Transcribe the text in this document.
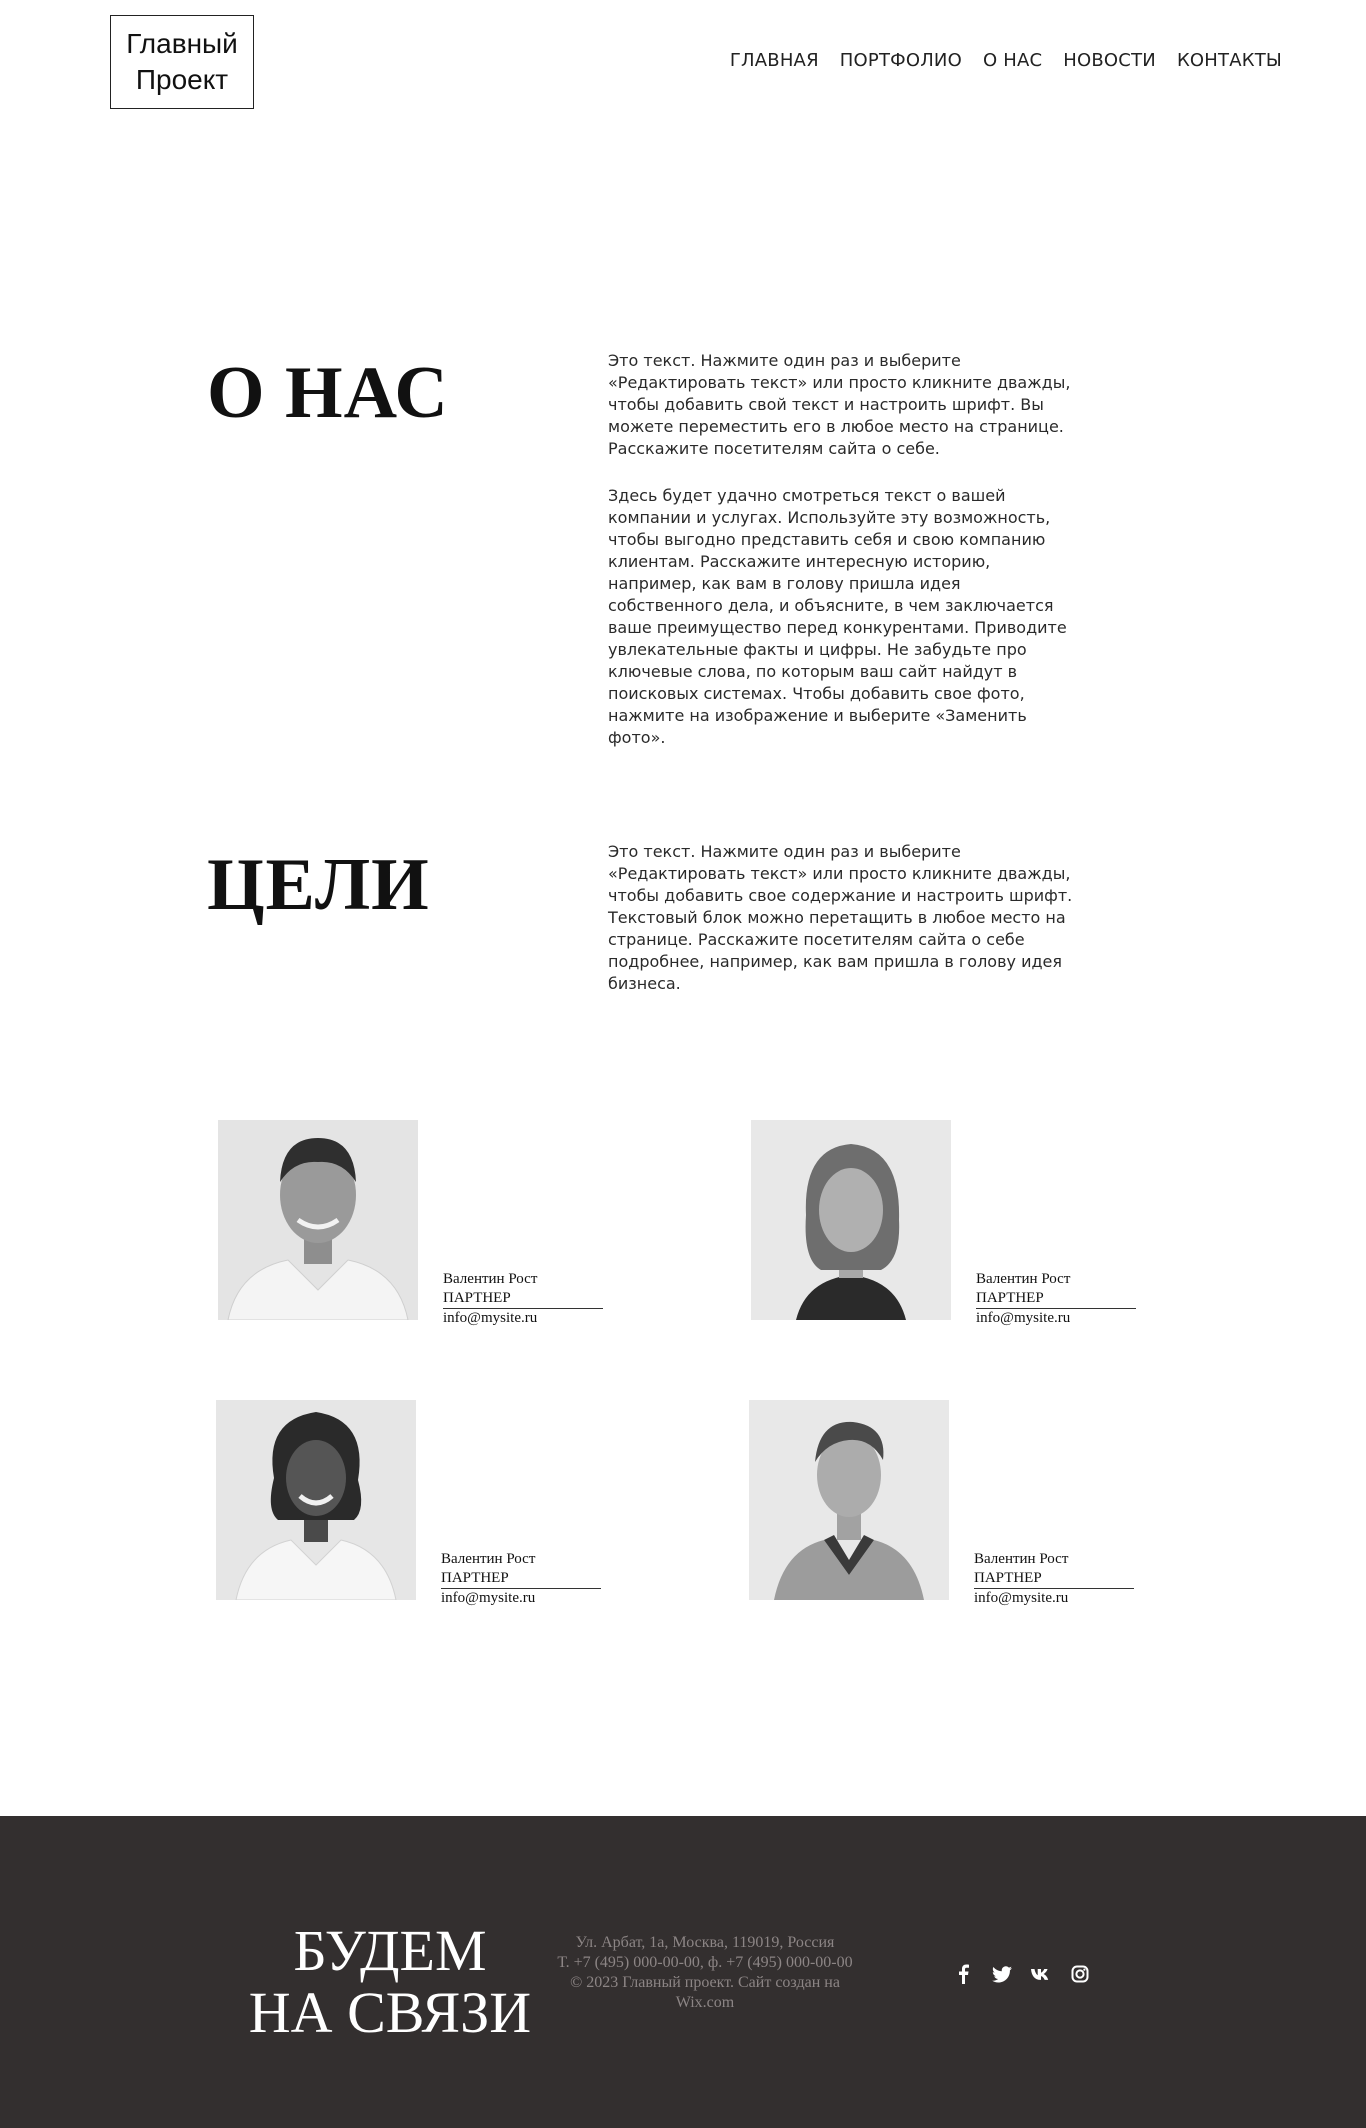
Главный
Проект
ГЛАВНАЯ ПОРТФОЛИО О НАС НОВОСТИ КОНТАКТЫ
О НАС	Это текст. Нажмите один раз и выберите «Редактировать текст» или просто кликните дважды, чтобы добавить свой текст и настроить шрифт. Вы можете переместить его в любое место на странице. Расскажите посетителям сайта о себе.

Здесь будет удачно смотреться текст о вашей компании и услугах. Используйте эту возможность, чтобы выгодно представить себя и свою компанию клиентам. Расскажите интересную историю, например, как вам в голову пришла идея собственного дела, и объясните, в чем заключается ваше преимущество перед конкурентами. Приводите увлекательные факты и цифры. Не забудьте про ключевые слова, по которым ваш сайт найдут в поисковых системах. Чтобы добавить свое фото, нажмите на изображение и выберите «Заменить фото».

ЦЕЛИ	Это текст. Нажмите один раз и выберите «Редактировать текст» или просто кликните дважды, чтобы добавить свое содержание и настроить шрифт. Текстовый блок можно перетащить в любое место на странице. Расскажите посетителям сайта о себе подробнее, например, как вам пришла в голову идея бизнеса.

Валентин Рост
ПАРТНЕР
info@mysite.ru
Валентин Рост
ПАРТНЕР
info@mysite.ru
Валентин Рост
ПАРТНЕР
info@mysite.ru
Валентин Рост
ПАРТНЕР
info@mysite.ru
БУДЕМ
НА СВЯЗИ
Ул. Арбат, 1а, Москва, 119019, Россия
Т. +7 (495) 000-00-00, ф. +7 (495) 000-00-00
© 2023 Главный проект. Сайт создан на Wix.com
